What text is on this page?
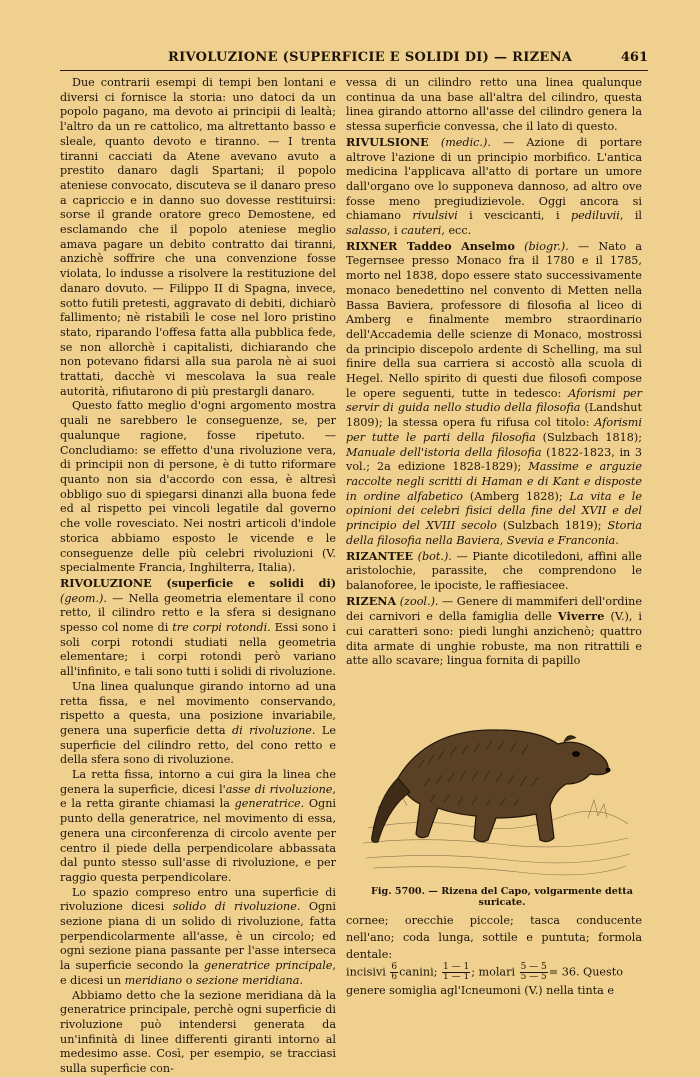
RIVOLUZIONE (SUPERFICIE E SOLIDI DI) — RIZENA	461

Due contrarii esempi di tempi ben lontani e diversi ci fornisce la storia: uno datoci da un popolo pagano, ma devoto ai principii di lealtà; l'altro da un re cattolico, ma altrettanto basso e sleale, quanto devoto e tiranno. — I trenta tiranni cacciati da Atene avevano avuto a prestito danaro dagli Spartani; il popolo ateniese convocato, discuteva se il danaro preso a capriccio e in danno suo dovesse restituirsi: sorse il grande oratore greco Demostene, ed esclamando che il popolo ateniese meglio amava pagare un debito contratto dai tiranni, anzichè soffrire che una convenzione fosse violata, lo indusse a risolvere la restituzione del danaro dovuto. — Filippo II di Spagna, invece, sotto futili pretesti, aggravato di debiti, dichiarò fallimento; nè ristabilì le cose nel loro pristino stato, riparando l'offesa fatta alla pubblica fede, se non allorchè i capitalisti, dichiarando che non potevano fidarsi alla sua parola nè ai suoi trattati, dacchè vi mescolava la sua reale autorità, rifiutarono di più prestargli danaro.

Questo fatto meglio d'ogni argomento mostra quali ne sarebbero le conseguenze, se, per qualunque ragione, fosse ripetuto. — Concludiamo: se effetto d'una rivoluzione vera, di principii non di persone, è di tutto riformare quanto non sia d'accordo con essa, è altresì obbligo suo di spiegarsi dinanzi alla buona fede ed al rispetto pei vincoli legatile dal governo che volle rovesciato. Nei nostri articoli d'indole storica abbiamo esposto le vicende e le conseguenze delle più celebri rivoluzioni (V. specialmente Francia, Inghilterra, Italia).

RIVOLUZIONE (superficie e solidi di) (geom.). — Nella geometria elementare il cono retto, il cilindro retto e la sfera si designano spesso col nome di tre corpi rotondi. Essi sono i soli corpi rotondi studiati nella geometria elementare; i corpi rotondi però variano all'infinito, e tali sono tutti i solidi di rivoluzione.

Una linea qualunque girando intorno ad una retta fissa, e nel movimento conservando, rispetto a questa, una posizione invariabile, genera una superficie detta di rivoluzione. Le superficie del cilindro retto, del cono retto e della sfera sono di rivoluzione.

La retta fissa, intorno a cui gira la linea che genera la superficie, dicesi l'asse di rivoluzione, e la retta girante chiamasi la generatrice. Ogni punto della generatrice, nel movimento di essa, genera una circonferenza di circolo avente per centro il piede della perpendicolare abbassata dal punto stesso sull'asse di rivoluzione, e per raggio questa perpendicolare.

Lo spazio compreso entro una superficie di rivoluzione dicesi solido di rivoluzione. Ogni sezione piana di un solido di rivoluzione, fatta perpendicolarmente all'asse, è un circolo; ed ogni sezione piana passante per l'asse interseca la superficie secondo la generatrice principale, e dicesi un meridiano o sezione meridiana.

Abbiamo detto che la sezione meridiana dà la generatrice principale, perchè ogni superficie di rivoluzione può intendersi generata da un'infinità di linee differenti giranti intorno al medesimo asse. Così, per esempio, se tracciasi sulla superficie con-

vessa di un cilindro retto una linea qualunque continua da una base all'altra del cilindro, questa linea girando attorno all'asse del cilindro genera la stessa superficie convessa, che il lato di questo.

RIVULSIONE (medic.). — Azione di portare altrove l'azione di un principio morbifico. L'antica medicina l'applicava all'atto di portare un umore dall'organo ove lo supponeva dannoso, ad altro ove fosse meno pregiudizievole. Oggi ancora si chiamano rivulsivi i vescicanti, i pediluvii, il salasso, i cauteri, ecc.

RIXNER Taddeo Anselmo (biogr.). — Nato a Tegernsee presso Monaco fra il 1780 e il 1785, morto nel 1838, dopo essere stato successivamente monaco benedettino nel convento di Metten nella Bassa Baviera, professore di filosofia al liceo di Amberg e finalmente membro straordinario dell'Accademia delle scienze di Monaco, mostrossi da principio discepolo ardente di Schelling, ma sul finire della sua carriera si accostò alla scuola di Hegel. Nello spirito di questi due filosofi compose le opere seguenti, tutte in tedesco: Aforismi per servir di guida nello studio della filosofia (Landshut 1809); la stessa opera fu rifusa col titolo: Aforismi per tutte le parti della filosofia (Sulzbach 1818); Manuale dell'istoria della filosofia (1822-1823, in 3 vol.; 2a edizione 1828-1829); Massime e arguzie raccolte negli scritti di Haman e di Kant e disposte in ordine alfabetico (Amberg 1828); La vita e le opinioni dei celebri fisici della fine del XVII e del principio del XVIII secolo (Sulzbach 1819); Storia della filosofia nella Baviera, Svevia e Franconia.

RIZANTEE (bot.). — Piante dicotiledoni, affini alle aristolochie, parassite, che comprendono le balanoforee, le ipociste, le raffiesiacee.

RIZENA (zool.). — Genere di mammiferi dell'ordine dei carnivori e della famiglia delle Viverre (V.), i cui caratteri sono: piedi lunghi anzichenò; quattro dita armate di unghie robuste, ma non ritrattili e atte allo scavare; lingua fornita di papillo

Fig. 5700. — Rizena del Capo, volgarmente detta suricate.
cornee; orecchie piccole; tasca conducente nell'ano; coda lunga, sottile e puntuta; formola dentale:
incisivi $\frac{6}{6}$ canini; $\frac{1 — 1}{1 — 1}$ ; molari $\frac{5 — 5}{5 — 5} = 36$. Questo
genere somiglia agl'Icneumoni (V.) nella tinta e
